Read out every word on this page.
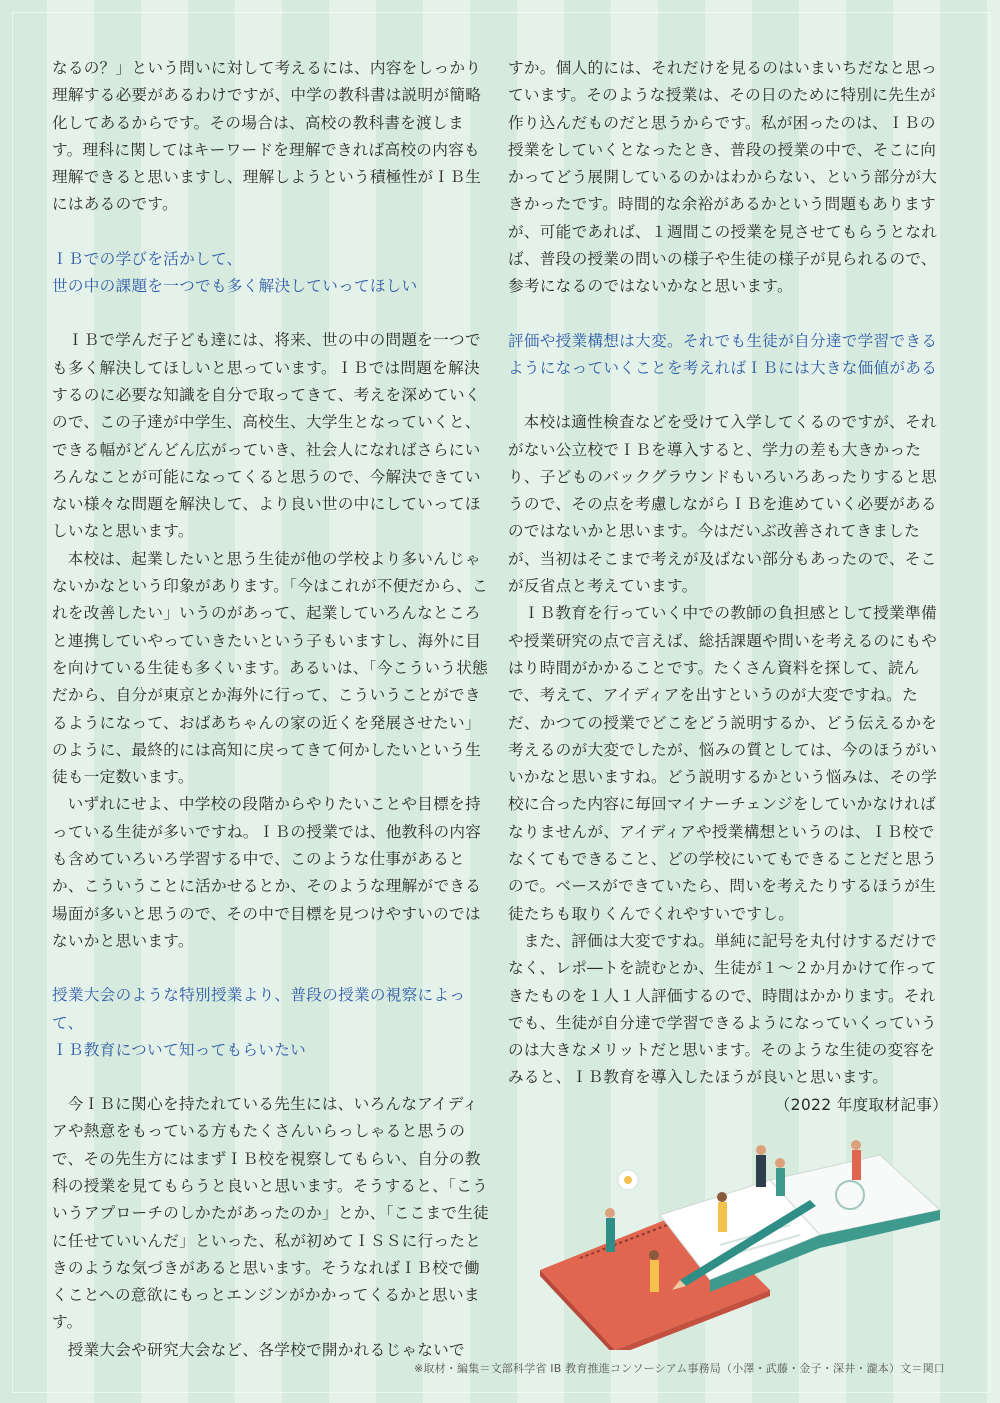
なるの？」という問いに対して考えるには、内容をしっかり理解する必要があるわけですが、中学の教科書は説明が簡略化してあるからです。その場合は、高校の教科書を渡します。理科に関してはキーワードを理解できれば高校の内容も理解できると思いますし、理解しようという積極性がＩＢ生にはあるのです。

ＩＢでの学びを活かして、
世の中の課題を一つでも多く解決していってほしい

ＩＢで学んだ子ども達には、将来、世の中の問題を一つでも多く解決してほしいと思っています。ＩＢでは問題を解決するのに必要な知識を自分で取ってきて、考えを深めていくので、この子達が中学生、高校生、大学生となっていくと、できる幅がどんどん広がっていき、社会人になればさらにいろんなことが可能になってくると思うので、今解決できていない様々な問題を解決して、より良い世の中にしていってほしいなと思います。

本校は、起業したいと思う生徒が他の学校より多いんじゃないかなという印象があります。「今はこれが不便だから、これを改善したい」いうのがあって、起業していろんなところと連携していやっていきたいという子もいますし、海外に目を向けている生徒も多くいます。あるいは、「今こういう状態だから、自分が東京とか海外に行って、こういうことができるようになって、おばあちゃんの家の近くを発展させたい」のように、最終的には高知に戻ってきて何かしたいという生徒も一定数います。

いずれにせよ、中学校の段階からやりたいことや目標を持っている生徒が多いですね。ＩＢの授業では、他教科の内容も含めていろいろ学習する中で、このような仕事があるとか、こういうことに活かせるとか、そのような理解ができる場面が多いと思うので、その中で目標を見つけやすいのではないかと思います。

授業大会のような特別授業より、普段の授業の視察によって、
ＩＢ教育について知ってもらいたい

今ＩＢに関心を持たれている先生には、いろんなアイディアや熱意をもっている方もたくさんいらっしゃると思うので、その先生方にはまずＩＢ校を視察してもらい、自分の教科の授業を見てもらうと良いと思います。そうすると、「こういうアプローチのしかたがあったのか」とか、「ここまで生徒に任せていいんだ」といった、私が初めてＩＳＳに行ったときのような気づきがあると思います。そうなればＩＢ校で働くことへの意欲にもっとエンジンがかかってくるかと思います。

授業大会や研究大会など、各学校で開かれるじゃないで

すか。個人的には、それだけを見るのはいまいちだなと思っています。そのような授業は、その日のために特別に先生が作り込んだものだと思うからです。私が困ったのは、ＩＢの授業をしていくとなったとき、普段の授業の中で、そこに向かってどう展開しているのかはわからない、という部分が大きかったです。時間的な余裕があるかという問題もありますが、可能であれば、１週間この授業を見させてもらうとなれば、普段の授業の問いの様子や生徒の様子が見られるので、参考になるのではないかなと思います。

評価や授業構想は大変。それでも生徒が自分達で学習できる
ようになっていくことを考えればＩＢには大きな価値がある

本校は適性検査などを受けて入学してくるのですが、それがない公立校でＩＢを導入すると、学力の差も大きかったり、子どものバックグラウンドもいろいろあったりすると思うので、その点を考慮しながらＩＢを進めていく必要があるのではないかと思います。今はだいぶ改善されてきましたが、当初はそこまで考えが及ばない部分もあったので、そこが反省点と考えています。

ＩＢ教育を行っていく中での教師の負担感として授業準備や授業研究の点で言えば、総括課題や問いを考えるのにもやはり時間がかかることです。たくさん資料を探して、読んで、考えて、アイディアを出すというのが大変ですね。ただ、かつての授業でどこをどう説明するか、どう伝えるかを考えるのが大変でしたが、悩みの質としては、今のほうがいいかなと思いますね。どう説明するかという悩みは、その学校に合った内容に毎回マイナーチェンジをしていかなければなりませんが、アイディアや授業構想というのは、ＩＢ校でなくてもできること、どの学校にいてもできることだと思うので。ベースができていたら、問いを考えたりするほうが生徒たちも取りくんでくれやすいですし。

また、評価は大変ですね。単純に記号を丸付けするだけでなく、レポ―トを読むとか、生徒が１〜２か月かけて作ってきたものを１人１人評価するので、時間はかかります。それでも、生徒が自分達で学習できるようになっていくっていうのは大きなメリットだと思います。そのような生徒の変容をみると、ＩＢ教育を導入したほうが良いと思います。

（2022 年度取材記事）

※取材・編集＝文部科学省 IB 教育推進コンソーシアム事務局（小澤・武藤・金子・深井・瀧本）文＝関口
